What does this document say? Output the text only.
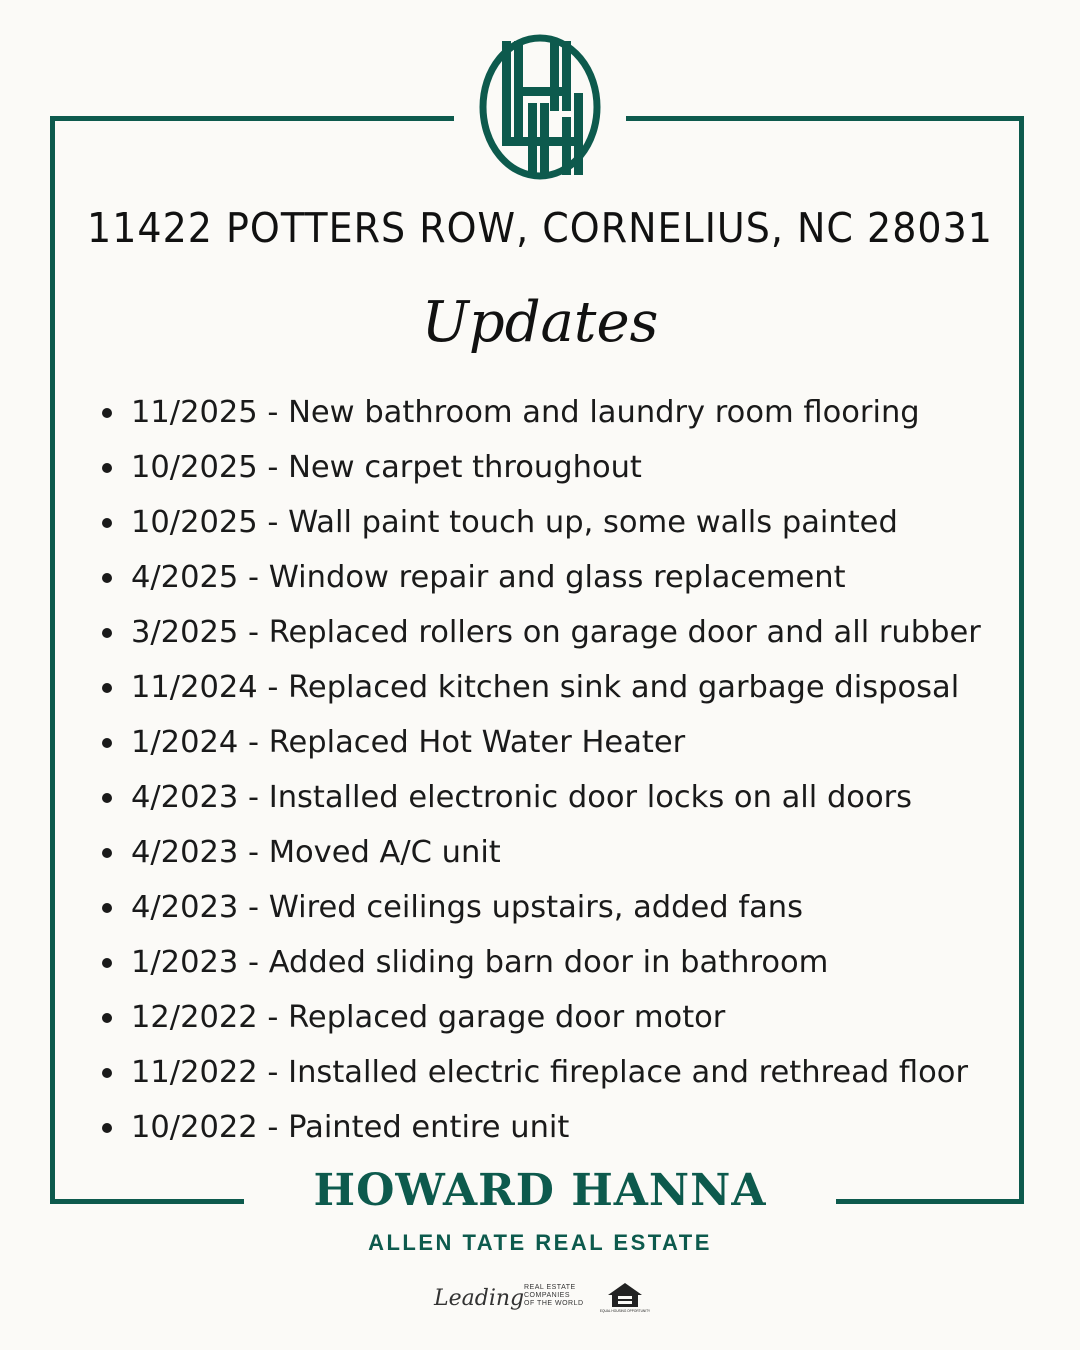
11422 POTTERS ROW, CORNELIUS, NC 28031
Updates
11/2025 - New bathroom and laundry room flooring
10/2025 - New carpet throughout
10/2025 - Wall paint touch up, some walls painted
4/2025 - Window repair and glass replacement
3/2025 - Replaced rollers on garage door and all rubber
11/2024 - Replaced kitchen sink and garbage disposal
1/2024 - Replaced Hot Water Heater
4/2023 - Installed electronic door locks on all doors
4/2023 - Moved A/C unit
4/2023 - Wired ceilings upstairs, added fans
1/2023 - Added sliding barn door in bathroom
12/2022 - Replaced garage door motor
11/2022 - Installed electric fireplace and rethread floor
10/2022 - Painted entire unit
HOWARD HANNA
ALLEN TATE REAL ESTATE
Leading REAL ESTATE
COMPANIES
OF THE WORLD
EQUAL HOUSING OPPORTUNITY
